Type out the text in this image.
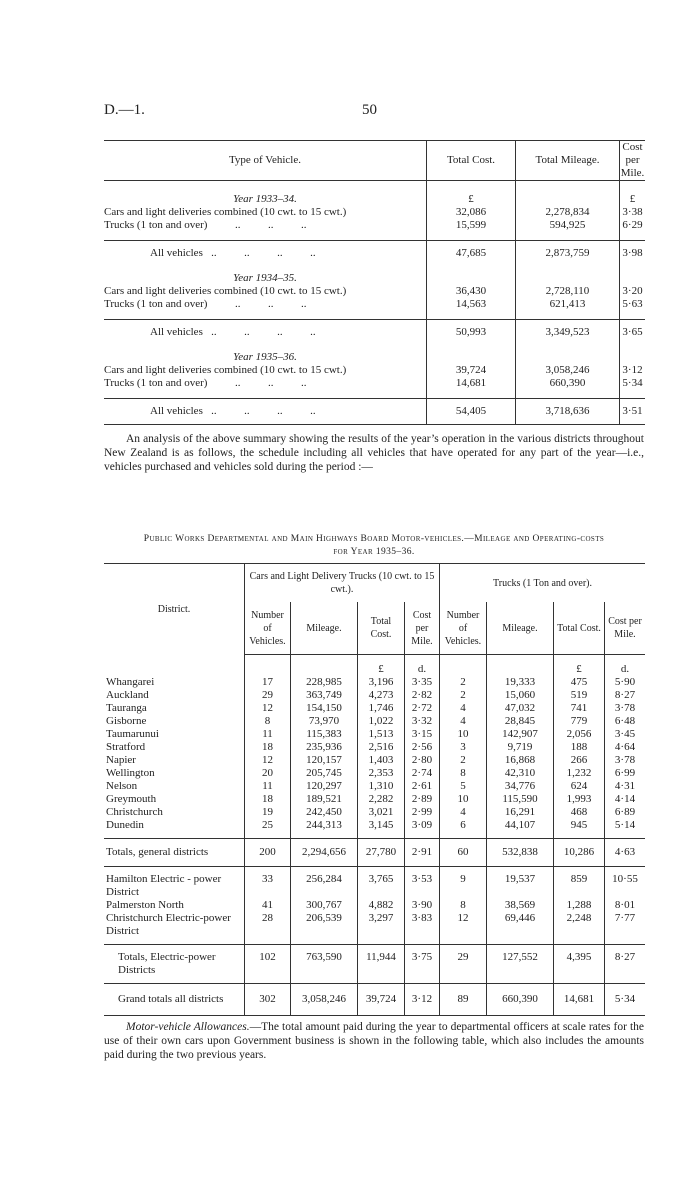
D.—1.	50
Type of Vehicle.	Total Cost.	Total Mileage.	Cost per Mile.
Year 1933–34.	£		£
Cars and light deliveries combined (10 cwt. to 15 cwt.)	32,086	2,278,834	3·38
Trucks (1 ton and over)          ..          ..          ..	15,599	594,925	6·29

All vehicles   ..          ..          ..          ..	47,685	2,873,759	3·98
Year 1934–35.			
Cars and light deliveries combined (10 cwt. to 15 cwt.)	36,430	2,728,110	3·20
Trucks (1 ton and over)          ..          ..          ..	14,563	621,413	5·63

All vehicles   ..          ..          ..          ..	50,993	3,349,523	3·65
Year 1935–36.			
Cars and light deliveries combined (10 cwt. to 15 cwt.)	39,724	3,058,246	3·12
Trucks (1 ton and over)          ..          ..          ..	14,681	660,390	5·34

All vehicles   ..          ..          ..          ..	54,405	3,718,636	3·51
An analysis of the above summary showing the results of the year’s operation in the various districts throughout New Zealand is as follows, the schedule including all vehicles that have operated for any part of the year—i.e., vehicles purchased and vehicles sold during the period :—
Public Works Departmental and Main Highways Board Motor-vehicles.—Mileage and Operating-costs
for Year 1935–36.
District.	Cars and Light Delivery Trucks (10 cwt. to 15 cwt.).				Trucks (1 Ton and over).			
	Number of Vehicles.	Mileage.	Total Cost.	Cost per Mile.	Number of Vehicles.	Mileage.	Total Cost.	Cost per Mile.
			£	d.			£	d.
Whangarei	17	228,985	3,196	3·35	2	19,333	475	5·90
Auckland	29	363,749	4,273	2·82	2	15,060	519	8·27
Tauranga	12	154,150	1,746	2·72	4	47,032	741	3·78
Gisborne	8	73,970	1,022	3·32	4	28,845	779	6·48
Taumarunui	11	115,383	1,513	3·15	10	142,907	2,056	3·45
Stratford	18	235,936	2,516	2·56	3	9,719	188	4·64
Napier	12	120,157	1,403	2·80	2	16,868	266	3·78
Wellington	20	205,745	2,353	2·74	8	42,310	1,232	6·99
Nelson	11	120,297	1,310	2·61	5	34,776	624	4·31
Greymouth	18	189,521	2,282	2·89	10	115,590	1,993	4·14
Christchurch	19	242,450	3,021	2·99	4	16,291	468	6·89
Dunedin	25	244,313	3,145	3·09	6	44,107	945	5·14

Totals, general districts	200	2,294,656	27,780	2·91	60	532,838	10,286	4·63

Hamilton Electric - power District	33	256,284	3,765	3·53	9	19,537	859	10·55
Palmerston North	41	300,767	4,882	3·90	8	38,569	1,288	8·01
Christchurch Electric-power District	28	206,539	3,297	3·83	12	69,446	2,248	7·77

Totals, Electric-power Districts	102	763,590	11,944	3·75	29	127,552	4,395	8·27
Grand totals all districts	302	3,058,246	39,724	3·12	89	660,390	14,681	5·34
Motor-vehicle Allowances.—The total amount paid during the year to departmental officers at scale rates for the use of their own cars upon Government business is shown in the following table, which also includes the amounts paid during the two previous years.
